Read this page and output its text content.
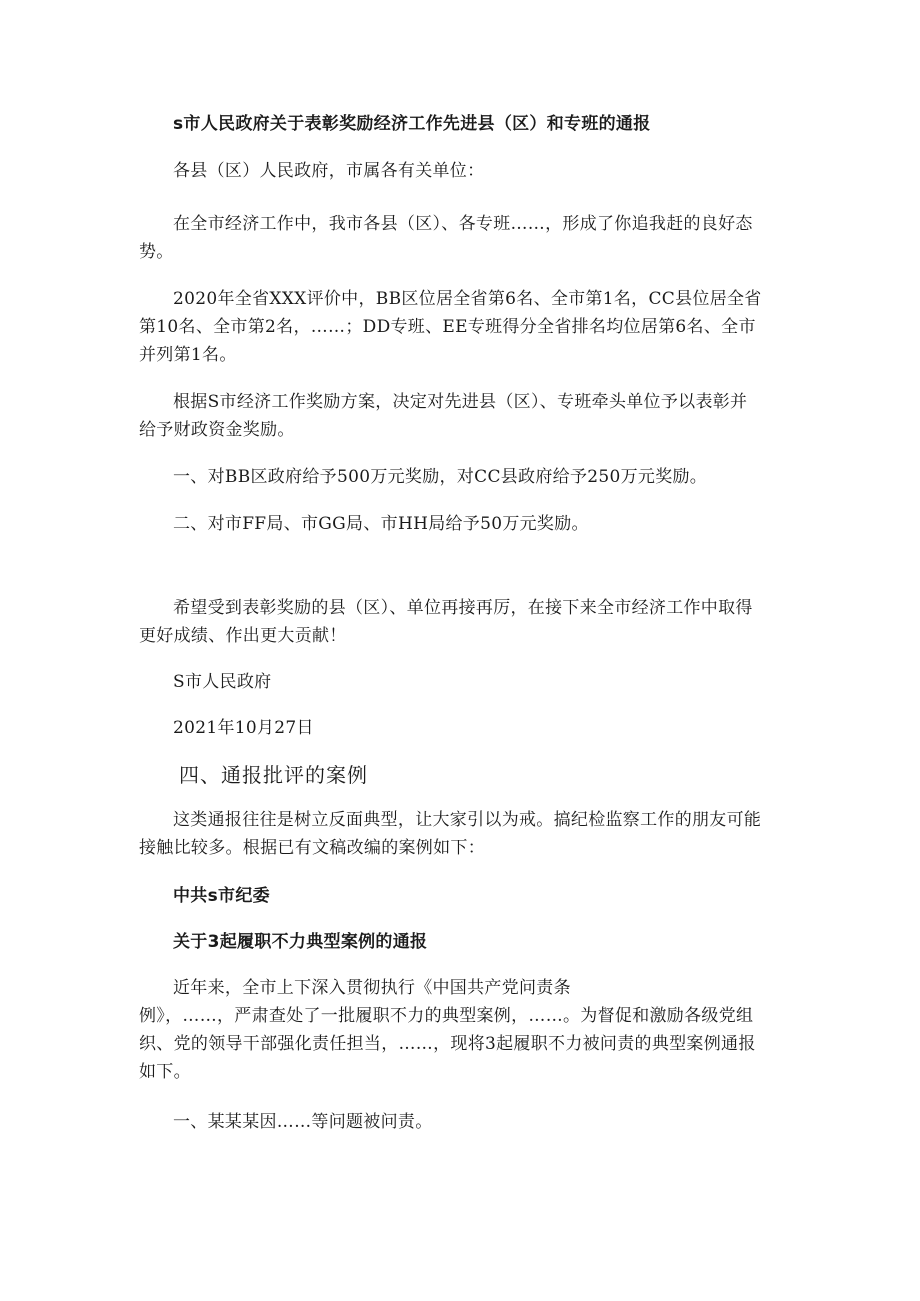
s市人民政府关于表彰奖励经济工作先进县（区）和专班的通报

各县（区）人民政府，市属各有关单位：

在全市经济工作中，我市各县（区）、各专班……，形成了你追我赶的良好态势。

2020年全省XXX评价中，BB区位居全省第6名、全市第1名，CC县位居全省第10名、全市第2名，……；DD专班、EE专班得分全省排名均位居第6名、全市并列第1名。

根据S市经济工作奖励方案，决定对先进县（区）、专班牵头单位予以表彰并给予财政资金奖励。

一、对BB区政府给予500万元奖励，对CC县政府给予250万元奖励。

二、对市FF局、市GG局、市HH局给予50万元奖励。

希望受到表彰奖励的县（区）、单位再接再厉，在接下来全市经济工作中取得更好成绩、作出更大贡献！

S市人民政府

2021年10月27日

四、通报批评的案例

这类通报往往是树立反面典型，让大家引以为戒。搞纪检监察工作的朋友可能接触比较多。根据已有文稿改编的案例如下：

中共s市纪委

关于3起履职不力典型案例的通报

近年来，全市上下深入贯彻执行《中国共产党问责条

例》，……，严肃查处了一批履职不力的典型案例，……。为督促和激励各级党组织、党的领导干部强化责任担当，……，现将3起履职不力被问责的典型案例通报如下。

一、某某某因……等问题被问责。
